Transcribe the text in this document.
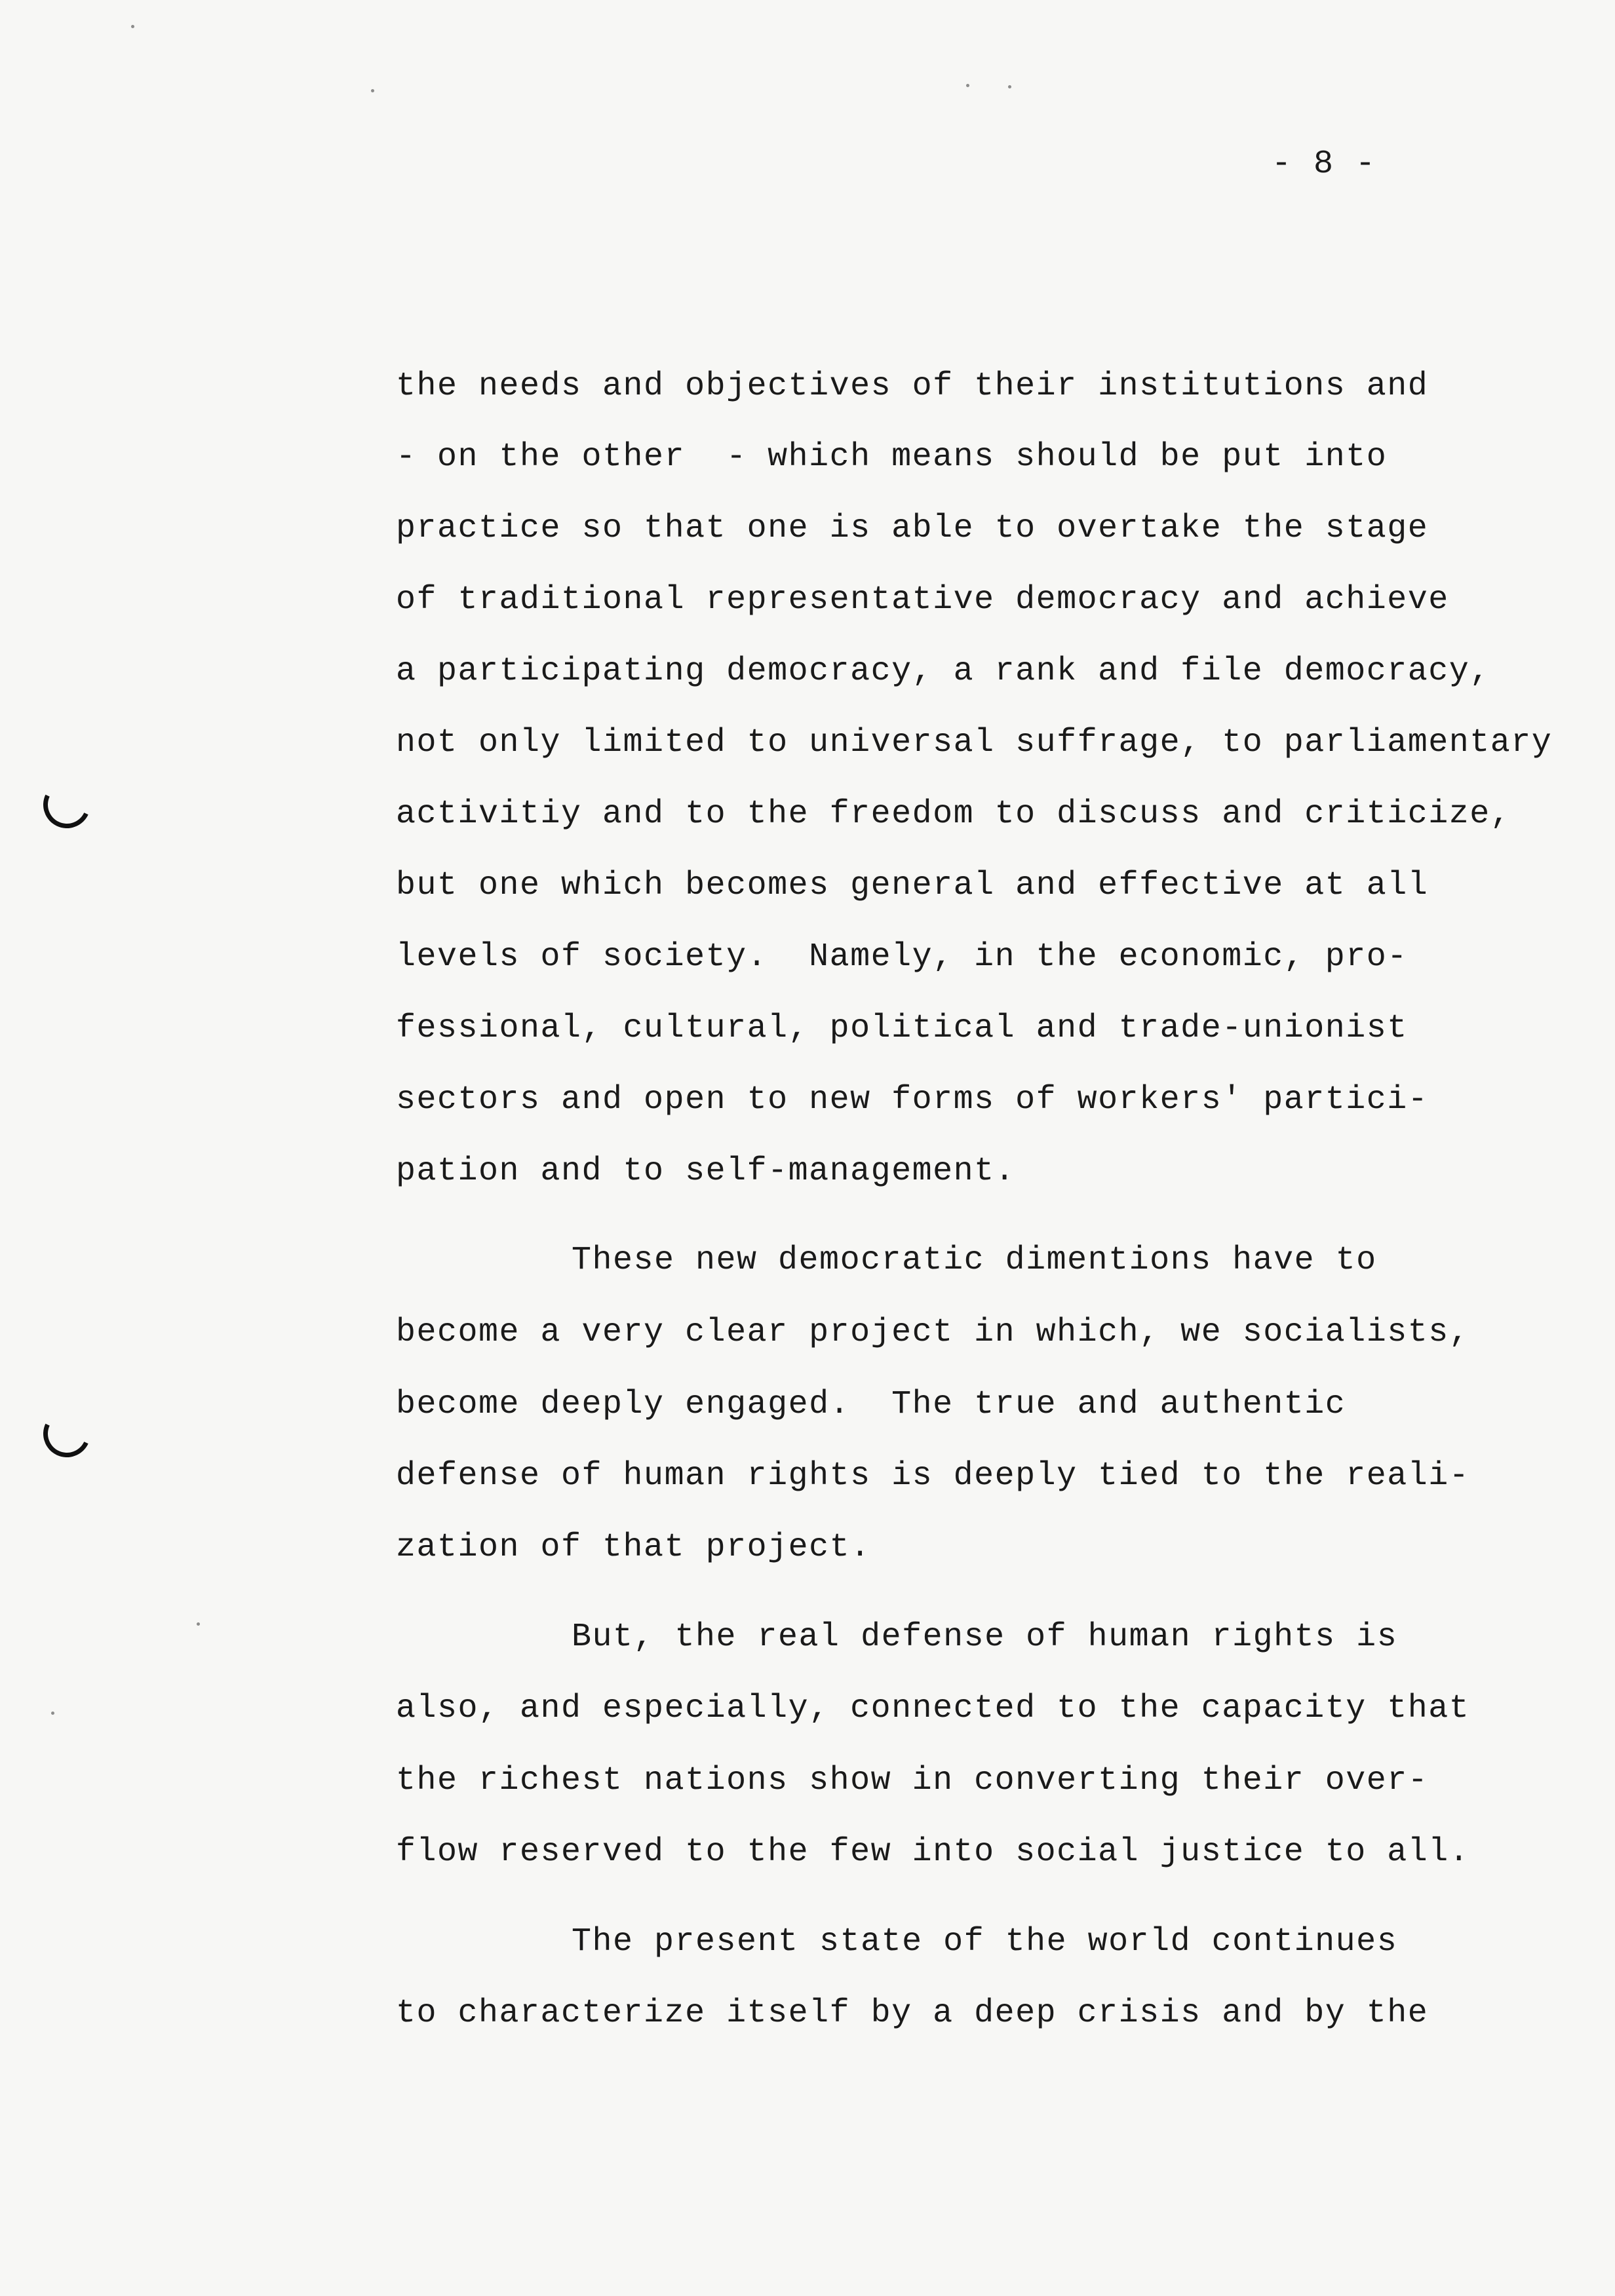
- 8 -
the needs and objectives of their institutions and
- on the other  - which means should be put into
practice so that one is able to overtake the stage
of traditional representative democracy and achieve
a participating democracy, a rank and file democracy,
not only limited to universal suffrage, to parliamentary
activitiy and to the freedom to discuss and criticize,
but one which becomes general and effective at all
levels of society.  Namely, in the economic, pro-
fessional, cultural, political and trade-unionist
sectors and open to new forms of workers' partici-
pation and to self-management.
These new democratic dimentions have to
become a very clear project in which, we socialists,
become deeply engaged.  The true and authentic
defense of human rights is deeply tied to the reali-
zation of that project.
But, the real defense of human rights is
also, and especially, connected to the capacity that
the richest nations show in converting their over-
flow reserved to the few into social justice to all.
The present state of the world continues
to characterize itself by a deep crisis and by the
